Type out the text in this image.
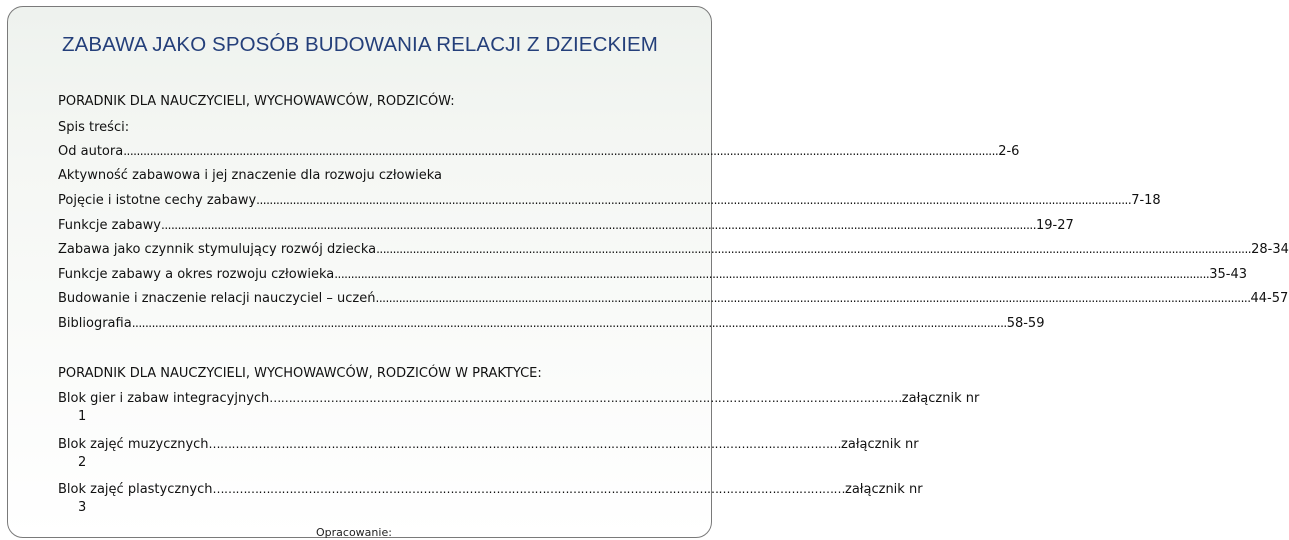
ZABAWA JAKO SPOSÓB BUDOWANIA RELACJI Z DZIECKIEM
PORADNIK DLA NAUCZYCIELI, WYCHOWAWCÓW, RODZICÓW:
Spis treści:
Od autora .....	2-6
Aktywność zabawowa i jej znaczenie dla rozwoju człowieka
Pojęcie i istotne cechy zabawy .....	7-18
Funkcje zabawy .....	19-27
Zabawa jako czynnik stymulujący rozwój dziecka .....	28-34
Funkcje zabawy a okres rozwoju człowieka .....	35-43
Budowanie i znaczenie relacji nauczyciel – uczeń .....	44-57
Bibliografia .....	58-59
PORADNIK DLA NAUCZYCIELI, WYCHOWAWCÓW, RODZICÓW W PRAKTYCE:
Blok gier i zabaw integracyjnych ………………………………………………………………………………………………………………………………………………… załącznik nr
1
Blok zajęć muzycznych ………………………………………………………………………………………………………………………………………………… załącznik nr
2
Blok zajęć plastycznych ………………………………………………………………………………………………………………………………………………… załącznik nr
3
Opracowanie:
